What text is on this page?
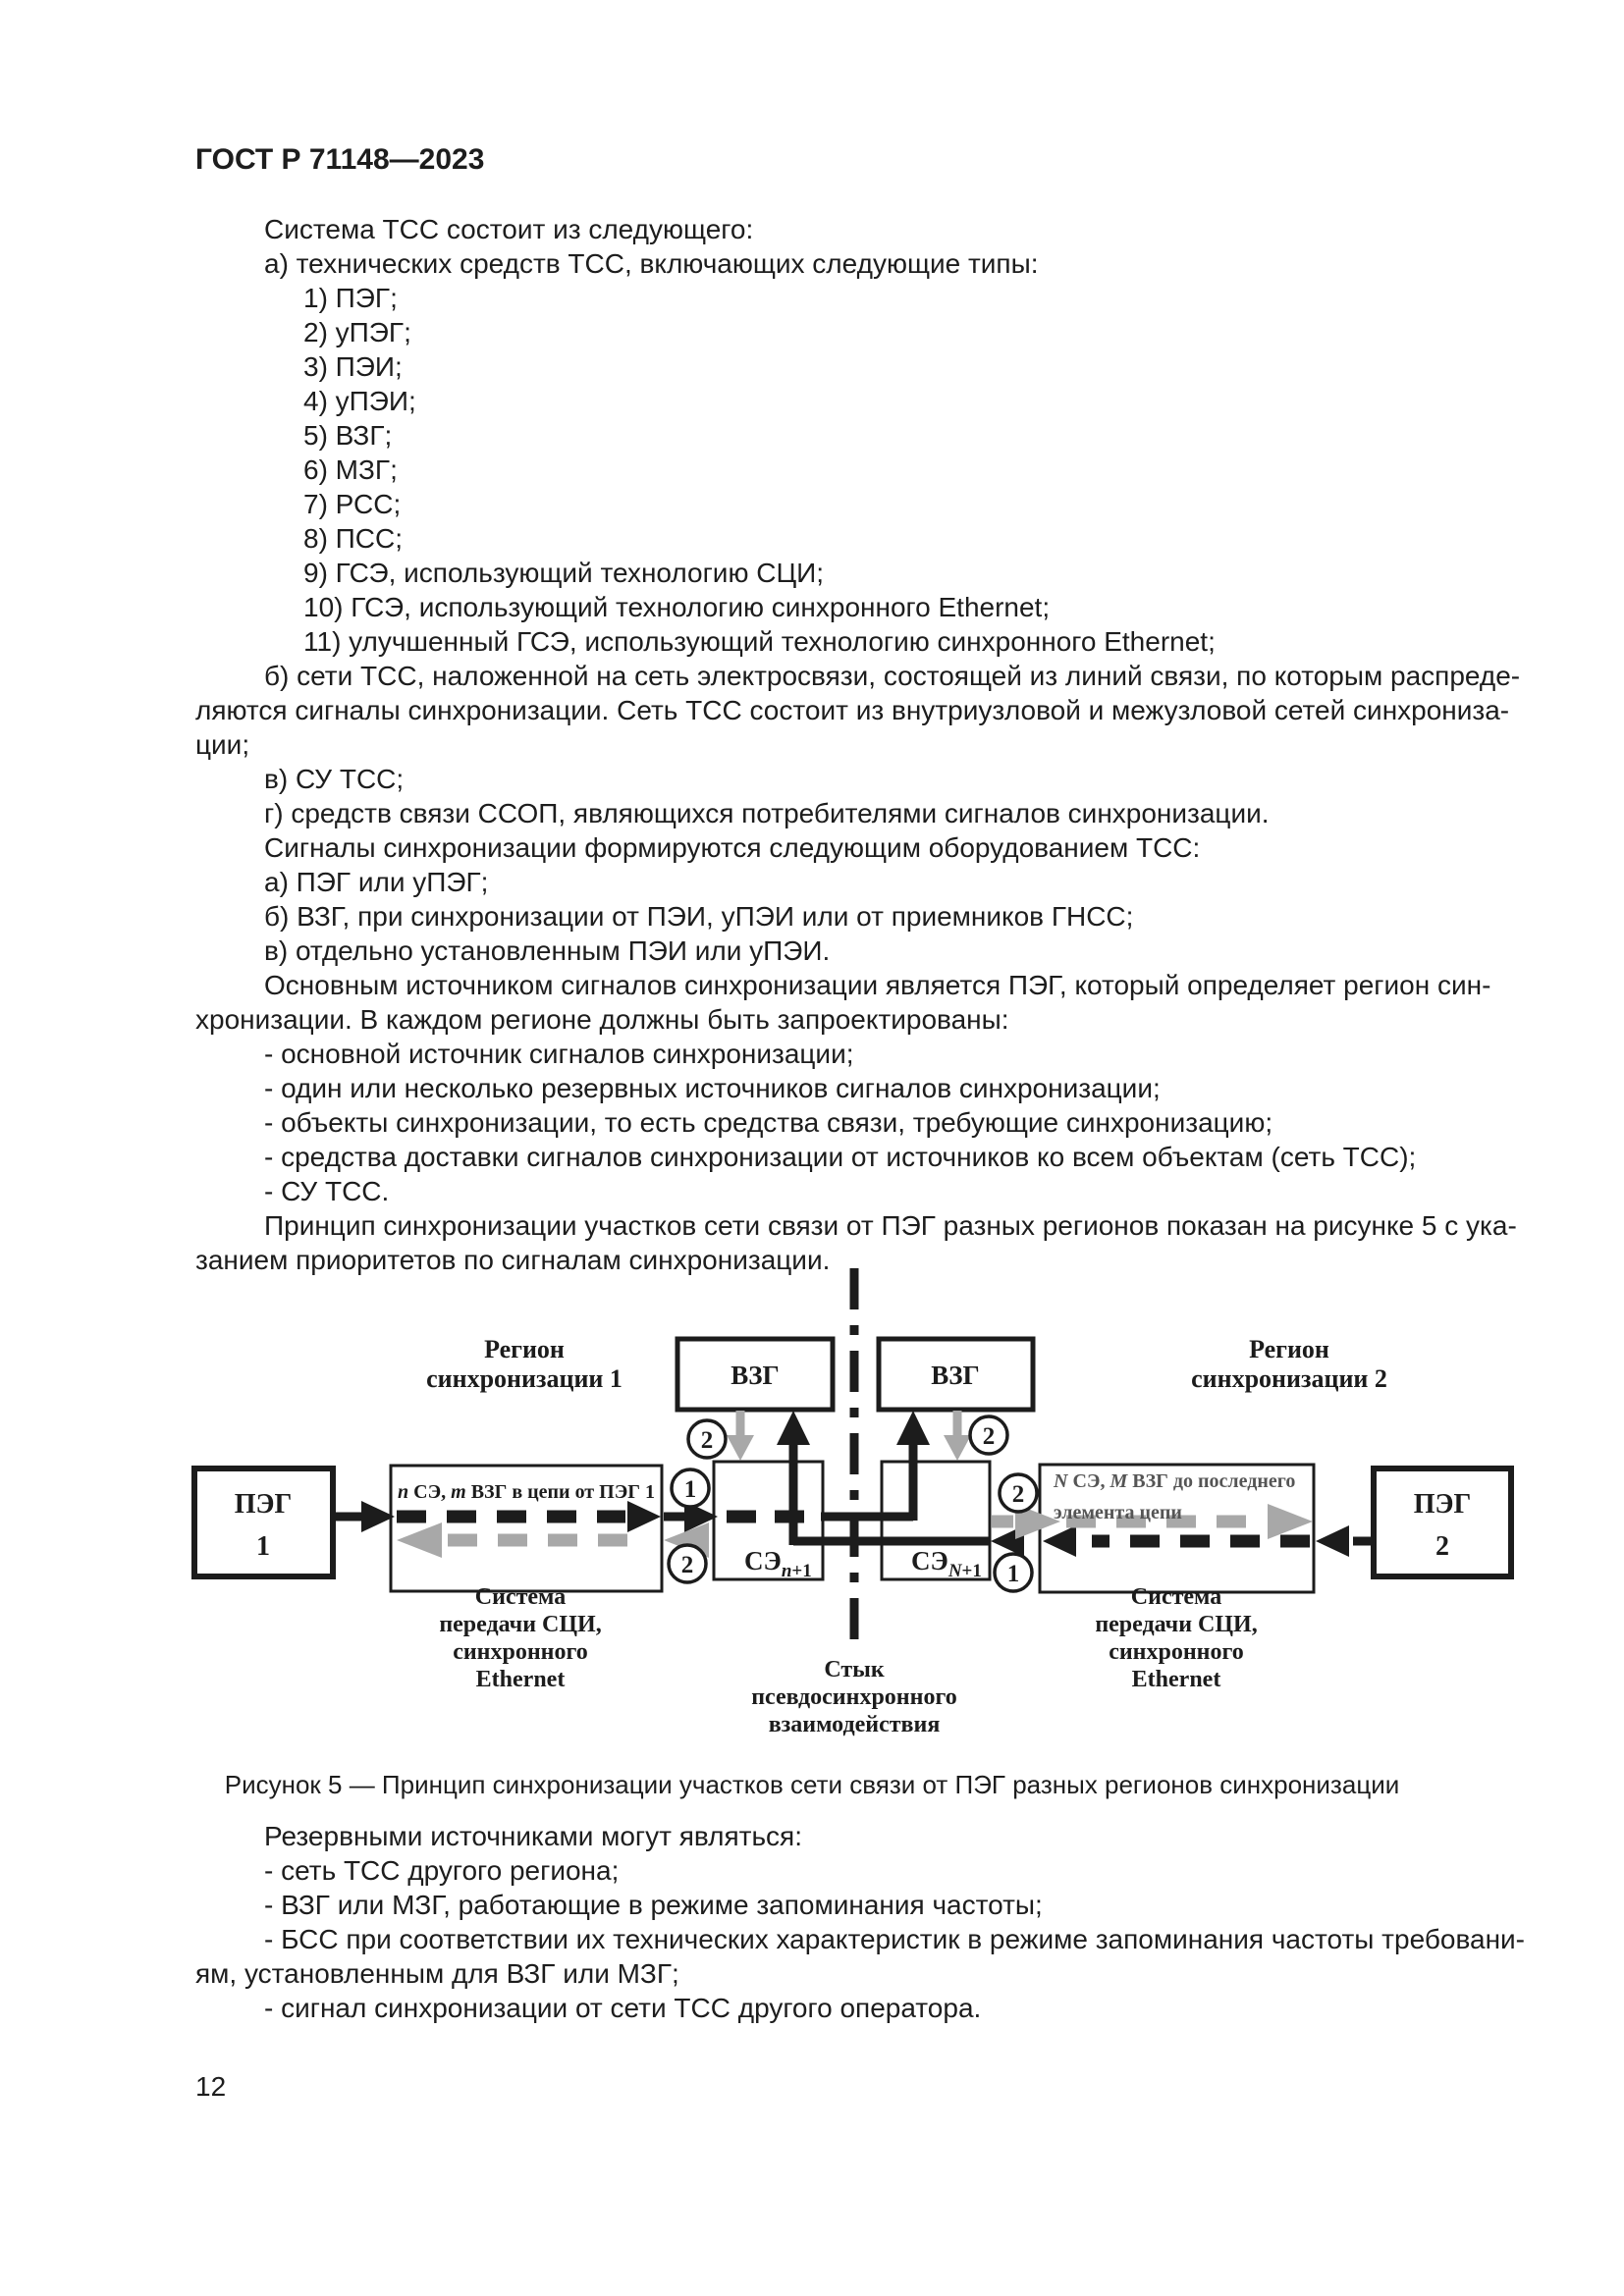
ГОСТ Р 71148—2023
Система ТСС состоит из следующего:
а) технических средств ТСС, включающих следующие типы:
1) ПЭГ;
2) уПЭГ;
3) ПЭИ;
4) уПЭИ;
5) ВЗГ;
6) МЗГ;
7) РСС;
8) ПСС;
9) ГСЭ, использующий технологию СЦИ;
10) ГСЭ, использующий технологию синхронного Ethernet;
11) улучшенный ГСЭ, использующий технологию синхронного Ethernet;
б) сети ТСС, наложенной на сеть электросвязи, состоящей из линий связи, по которым распреде-
ляются сигналы синхронизации. Сеть ТСС состоит из внутриузловой и межузловой сетей синхрониза-
ции;
в) СУ ТСС;
г) средств связи ССОП, являющихся потребителями сигналов синхронизации.
Сигналы синхронизации формируются следующим оборудованием ТСС:
а) ПЭГ или уПЭГ;
б) ВЗГ, при синхронизации от ПЭИ, уПЭИ или от приемников ГНСС;
в) отдельно установленным ПЭИ или уПЭИ.
Основным источником сигналов синхронизации является ПЭГ, который определяет регион син-
хронизации. В каждом регионе должны быть запроектированы:
- основной источник сигналов синхронизации;
- один или несколько резервных источников сигналов синхронизации;
- объекты синхронизации, то есть средства связи, требующие синхронизацию;
- средства доставки сигналов синхронизации от источников ко всем объектам (сеть ТСС);
- СУ ТСС.
Принцип синхронизации участков сети связи от ПЭГ разных регионов показан на рисунке 5 с ука-
занием приоритетов по сигналам синхронизации.
2
1
2
2
2
1
Регион
синхронизации 1
Регион
синхронизации 2
ВЗГ	ВЗГ
ПЭГ
1
ПЭГ
2
n СЭ, m ВЗГ в цепи от ПЭГ 1	N СЭ, M ВЗГ до последнего
элемента цепи
$СЭ_n+1$	$СЭ_N+1$
Система
передачи СЦИ,
синхронного
Ethernet
Система
передачи СЦИ,
синхронного
Ethernet
Стык
псевдосинхронного
взаимодействия
Рисунок 5 — Принцип синхронизации участков сети связи от ПЭГ разных регионов синхронизации
Резервными источниками могут являться:
- сеть ТСС другого региона;
- ВЗГ или МЗГ, работающие в режиме запоминания частоты;
- БСС при соответствии их технических характеристик в режиме запоминания частоты требовани-
ям, установленным для ВЗГ или МЗГ;
- сигнал синхронизации от сети ТСС другого оператора.
12
